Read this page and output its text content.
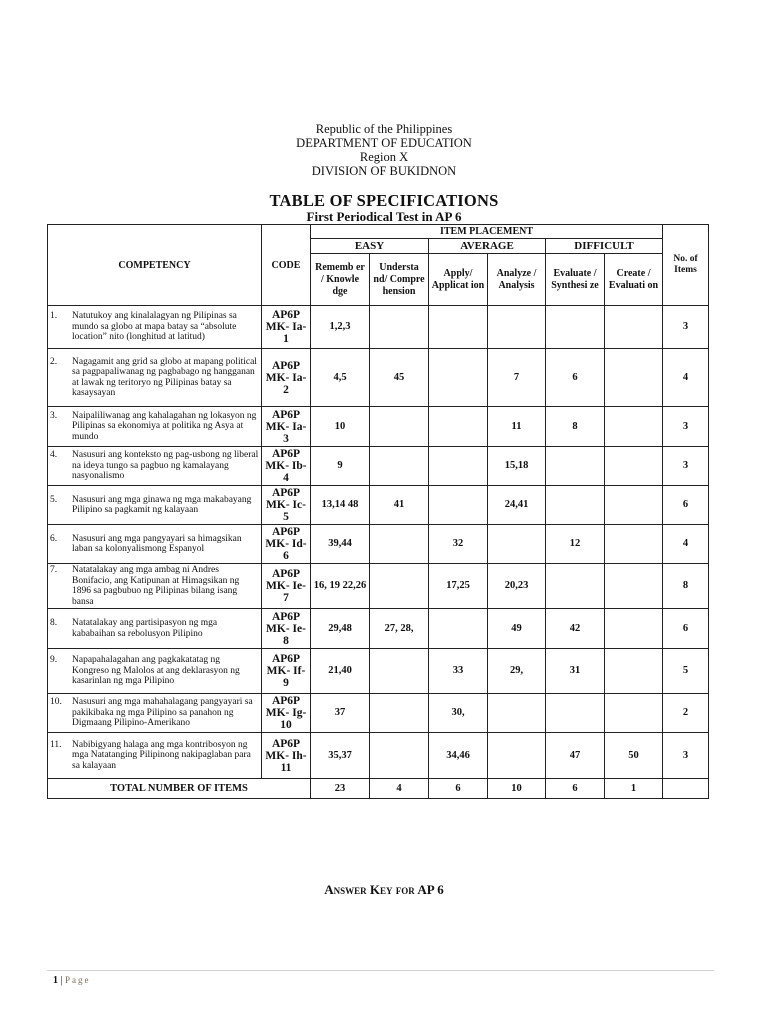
Republic of the Philippines
DEPARTMENT OF EDUCATION
Region X
DIVISION OF BUKIDNON
TABLE OF SPECIFICATIONS
First Periodical Test in AP 6
COMPETENCY	CODE	ITEM PLACEMENT						No. of Items
		EASY		AVERAGE		DIFFICULT		
		Rememb er / Knowle dge	Understa nd/ Compre hension	Apply/ Applicat ion	Analyze / Analysis	Evaluate / Synthesi ze	Create / Evaluati on	

1. Natutukoy ang kinalalagyan ng Pilipinas sa mundo sa globo at mapa batay sa “absolute location” nito (longhitud at latitud)	AP6P MK- Ia-1	1,2,3						3

2. Nagagamit ang grid sa globo at mapang political sa pagpapaliwanag ng pagbabago ng hangganan at lawak ng teritoryo ng Pilipinas batay sa kasaysayan	AP6P MK- Ia-2	4,5	45		7	6		4

3. Naipaliliwanag ang kahalagahan ng lokasyon ng Pilipinas sa ekonomiya at politika ng Asya at mundo	AP6P MK- Ia-3	10			11	8		3

4. Nasusuri ang konteksto ng pag-usbong ng liberal na ideya tungo sa pagbuo ng kamalayang nasyonalismo	AP6P MK- Ib-4	9			15,18			3

5. Nasusuri ang mga ginawa ng mga makabayang Pilipino sa pagkamit ng kalayaan	AP6P MK- Ic-5	13,14 48	41		24,41			6

6. Nasusuri ang mga pangyayari sa himagsikan laban sa kolonyalismong Espanyol	AP6P MK- Id-6	39,44		32		12		4

7. Natatalakay ang mga ambag ni Andres Bonifacio, ang Katipunan at Himagsikan ng 1896 sa pagbubuo ng Pilipinas bilang isang bansa	AP6P MK- Ie-7	16, 19 22,26		17,25	20,23			8

8. Natatalakay ang partisipasyon ng mga kababaihan sa rebolusyon Pilipino	AP6P MK- Ie-8	29,48	27, 28,		49	42		6

9. Napapahalagahan ang pagkakatatag ng Kongreso ng Malolos at ang deklarasyon ng kasarinlan ng mga Pilipino	AP6P MK- If-9	21,40		33	29,	31		5

10. Nasusuri ang mga mahahalagang pangyayari sa pakikibaka ng mga Pilipino sa panahon ng Digmaang Pilipino-Amerikano	AP6P MK- Ig-10	37		30,				2

11. Nabibigyang halaga ang mga kontribosyon ng mga Natatanging Pilipinong nakipaglaban para sa kalayaan	AP6P MK- Ih-11	35,37		34,46		47	50	3
TOTAL NUMBER OF ITEMS		23	4	6	10	6	1	
Answer Key for AP 6
1 | Page
